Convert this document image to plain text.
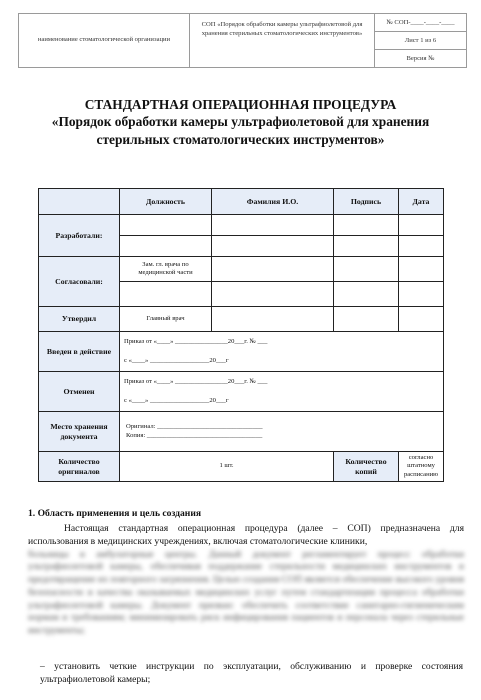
наименование стоматологической организации
СОП «Порядок обработки камеры ультрафиолетовой для хранения стерильных стоматологических инструментов»
№ СОП-____-____-____
Лист 1 из 6
Версия №
СТАНДАРТНАЯ ОПЕРАЦИОННАЯ ПРОЦЕДУРА
«Порядок обработки камеры ультрафиолетовой для хранения стерильных стоматологических инструментов»
	Должность	Фамилия И.О.	Подпись	Дата
Разработали:				

Согласовали:	Зам. гл. врача по медицинской части			

Утвердил	Главный врач			
Введен в действие	Приказ от «____» ________________20___г. № ___			
	с «____» __________________20___г			
Отменен	Приказ от «____» ________________20___г. № ___			
	с «____» __________________20___г			
Место хранения документа	Оригинал: ________________________________
Копия: ___________________________________			

Количество оригиналов	1 шт.		Количество копий	согласно штатному расписанию
1. Область применения и цель создания

Настоящая стандартная операционная процедура (далее – СОП) предназначена для использования в медицинских учреждениях, включая стоматологические клиники,

больницы и амбулаторные центры. Данный документ регламентирует процесс обработки ультрафиолетовой камеры, обеспечивая поддержание стерильности медицинских инструментов и предотвращение их повторного загрязнения. Целью создания СОП является обеспечение высокого уровня безопасности и качества оказываемых медицинских услуг путем стандартизации процесса обработки ультрафиолетовой камеры. Документ призван: обеспечить соответствие санитарно-гигиеническим нормам и требованиям; минимизировать риск инфицирования пациентов и персонала через стерильные инструменты;

– установить четкие инструкции по эксплуатации, обслуживанию и проверке состояния ультрафиолетовой камеры;
